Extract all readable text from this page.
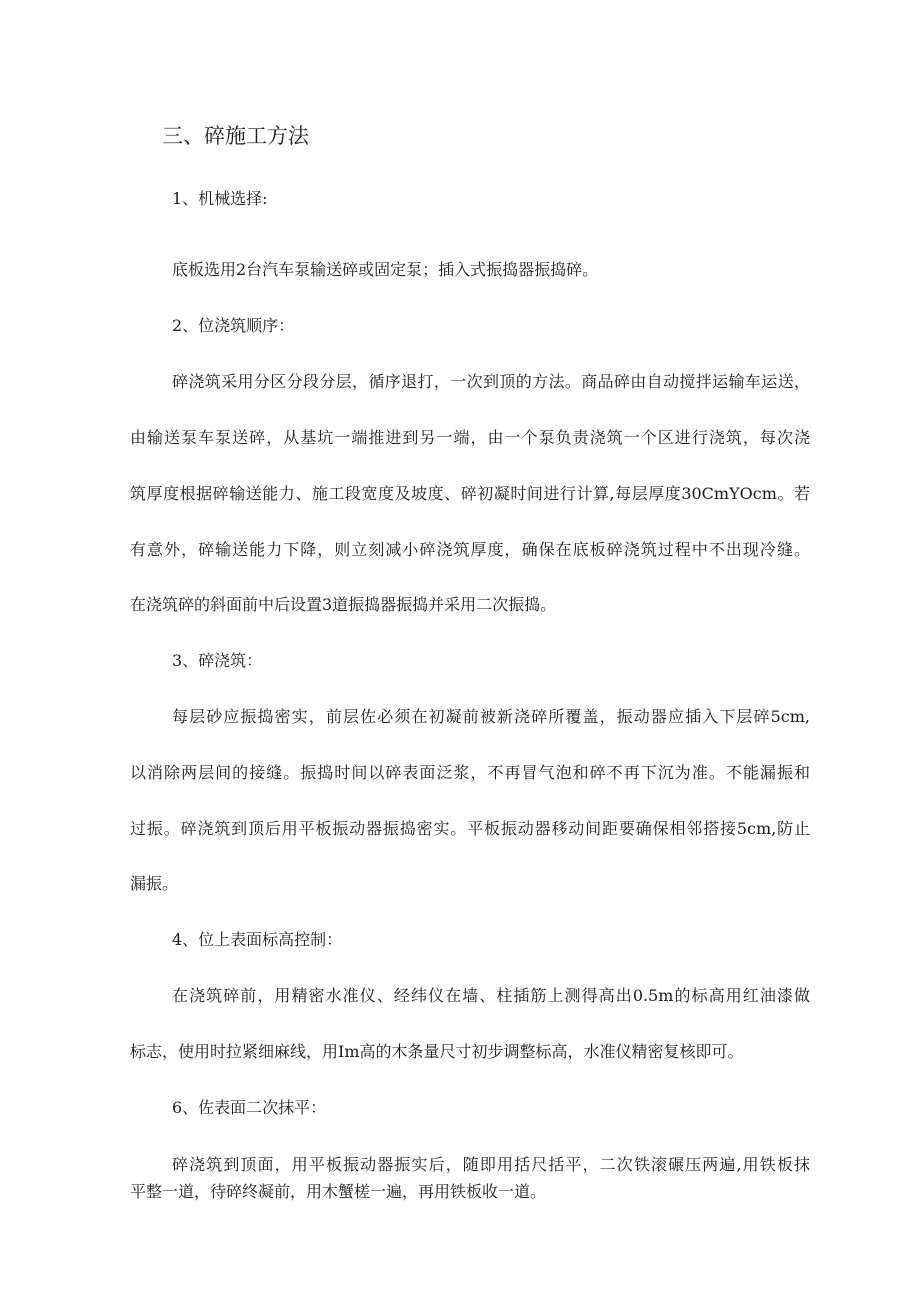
三、碎施工方法
1、机械选择:
底板选用2台汽车泵输送碎或固定泵；插入式振捣器振捣碎。
2、位浇筑顺序：
碎浇筑采用分区分段分层，循序退打，一次到顶的方法。商品碎由自动搅拌运输车运送，
由输送泵车泵送碎，从基坑一端推进到另一端，由一个泵负责浇筑一个区进行浇筑，每次浇
筑厚度根据碎输送能力、施工段宽度及坡度、碎初凝时间进行计算,每层厚度30CmYOcm。若
有意外，碎输送能力下降，则立刻减小碎浇筑厚度，确保在底板碎浇筑过程中不出现冷缝。
在浇筑碎的斜面前中后设置3道振捣器振捣并采用二次振捣。
3、碎浇筑：
每层砂应振捣密实，前层佐必须在初凝前被新浇碎所覆盖，振动器应插入下层碎5cm,
以消除两层间的接缝。振捣时间以碎表面泛浆，不再冒气泡和碎不再下沉为准。不能漏振和
过振。碎浇筑到顶后用平板振动器振捣密实。平板振动器移动间距要确保相邻搭接5cm,防止
漏振。
4、位上表面标高控制：
在浇筑碎前，用精密水准仪、经纬仪在墙、柱插筋上测得高出0.5m的标高用红油漆做
标志，使用时拉紧细麻线，用Im高的木条量尺寸初步调整标高，水准仪精密复核即可。
6、佐表面二次抹平：
碎浇筑到顶面，用平板振动器振实后，随即用括尺括平，二次铁滚碾压两遍,用铁板抹
平整一道，待碎终凝前，用木蟹槎一遍，再用铁板收一道。
